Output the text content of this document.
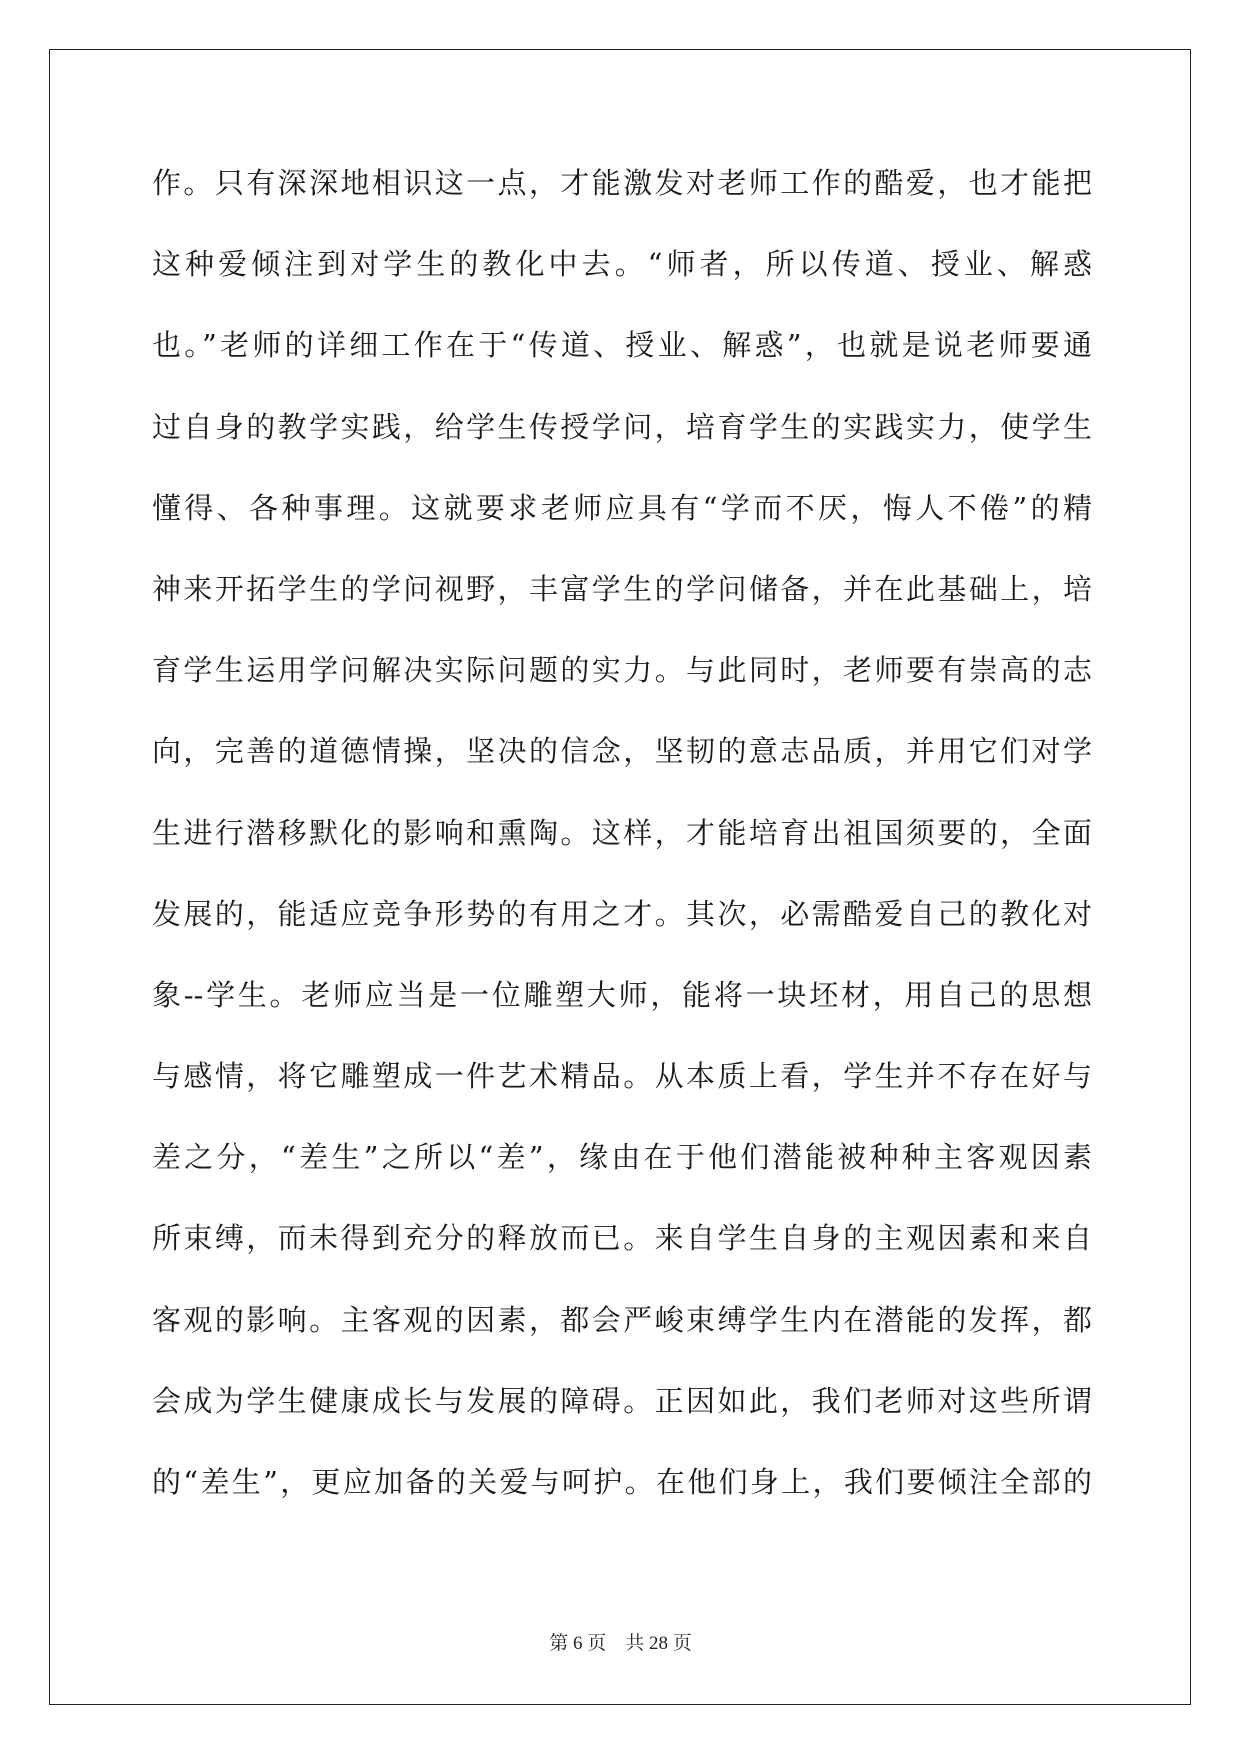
作。只有深深地相识这一点，才能激发对老师工作的酷爱，也才能把
这种爱倾注到对学生的教化中去。“师者，所以传道、授业、解惑
也。”老师的详细工作在于“传道、授业、解惑”，也就是说老师要通
过自身的教学实践，给学生传授学问，培育学生的实践实力，使学生
懂得、各种事理。这就要求老师应具有“学而不厌，悔人不倦”的精
神来开拓学生的学问视野，丰富学生的学问储备，并在此基础上，培
育学生运用学问解决实际问题的实力。与此同时，老师要有崇高的志
向，完善的道德情操，坚决的信念，坚韧的意志品质，并用它们对学
生进行潜移默化的影响和熏陶。这样，才能培育出祖国须要的，全面
发展的，能适应竞争形势的有用之才。其次，必需酷爱自己的教化对
象--学生。老师应当是一位雕塑大师，能将一块坯材，用自己的思想
与感情，将它雕塑成一件艺术精品。从本质上看，学生并不存在好与
差之分，“差生”之所以“差”，缘由在于他们潜能被种种主客观因素
所束缚，而未得到充分的释放而已。来自学生自身的主观因素和来自
客观的影响。主客观的因素，都会严峻束缚学生内在潜能的发挥，都
会成为学生健康成长与发展的障碍。正因如此，我们老师对这些所谓
的“差生”，更应加备的关爱与呵护。在他们身上，我们要倾注全部的
第 6 页    共 28 页
